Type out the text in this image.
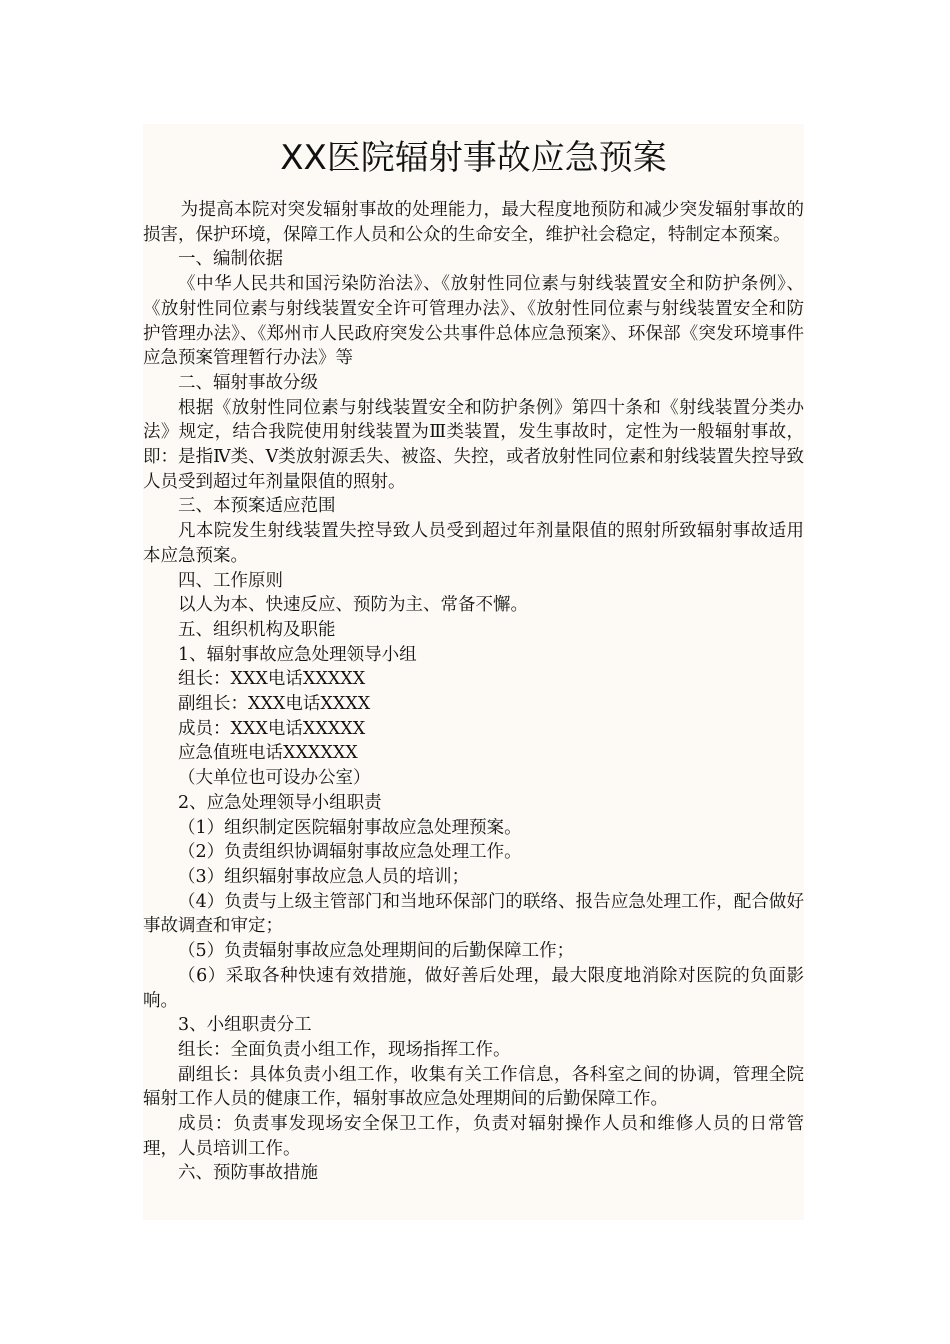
XX医院辐射事故应急预案

为提高本院对突发辐射事故的处理能力，最大程度地预防和减少突发辐射事故的损害，保护环境，保障工作人员和公众的生命安全，维护社会稳定，特制定本预案。

一、编制依据

《中华人民共和国污染防治法》、《放射性同位素与射线装置安全和防护条例》、《放射性同位素与射线装置安全许可管理办法》、《放射性同位素与射线装置安全和防护管理办法》、《郑州市人民政府突发公共事件总体应急预案》、环保部《突发环境事件应急预案管理暂行办法》等

二、辐射事故分级

根据《放射性同位素与射线装置安全和防护条例》第四十条和《射线装置分类办法》规定，结合我院使用射线装置为Ⅲ类装置，发生事故时，定性为一般辐射事故，即：是指Ⅳ类、Ⅴ类放射源丢失、被盗、失控，或者放射性同位素和射线装置失控导致人员受到超过年剂量限值的照射。

三、本预案适应范围

凡本院发生射线装置失控导致人员受到超过年剂量限值的照射所致辐射事故适用本应急预案。

四、工作原则

以人为本、快速反应、预防为主、常备不懈。

五、组织机构及职能

1、辐射事故应急处理领导小组

组长：XXX电话XXXXX

副组长：XXX电话XXXX

成员：XXX电话XXXXX

应急值班电话XXXXXX

（大单位也可设办公室）

2、应急处理领导小组职责

（1）组织制定医院辐射事故应急处理预案。

（2）负责组织协调辐射事故应急处理工作。

（3）组织辐射事故应急人员的培训；

（4）负责与上级主管部门和当地环保部门的联络、报告应急处理工作，配合做好事故调查和审定；

（5）负责辐射事故应急处理期间的后勤保障工作；

（6）采取各种快速有效措施，做好善后处理，最大限度地消除对医院的负面影响。

3、小组职责分工

组长：全面负责小组工作，现场指挥工作。

副组长：具体负责小组工作，收集有关工作信息，各科室之间的协调，管理全院辐射工作人员的健康工作，辐射事故应急处理期间的后勤保障工作。

成员：负责事发现场安全保卫工作，负责对辐射操作人员和维修人员的日常管理，人员培训工作。

六、预防事故措施
